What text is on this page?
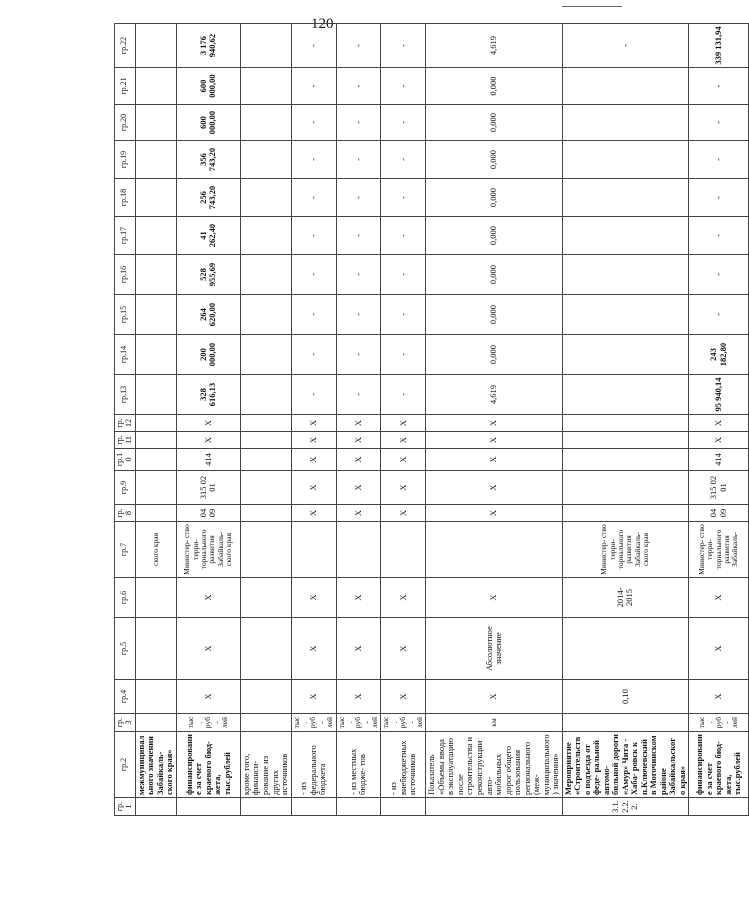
120
гр.1	гр.2	гр.3	гр.4	гр.5	гр.6	гр.7	гр.8	гр.9	гр.10	гр.11	гр.12	гр.13	гр.14	гр.15	гр.16	гр.17	гр.18	гр.19	гр.20	гр.21	гр.22
	межмуниципального значения Забайкаль- ского края»					ского края															
	финансирование за счет краевого бюд- жета, тыс.рублей	тыс. руб- лей	Х	Х	Х	Министер- ство терри- ториального развития Забайкаль- ского края	04 09	315 02 01	414	Х	Х	328 616,13	200 000,00	264 620,00	528 955,69	41 262,40	256 743,20	356 743,20	600 000,00	600 000,00	3 176 940,62
	кроме того, финанси- рование из других источников																				
	- из федерального бюджета	тыс. руб- лей	Х	Х	Х		Х	Х	Х	Х	Х	-	-	-	-	-	-	-	-	-	-
	- из местных бюдже- тов	тыс. руб- лей	Х	Х	Х		Х	Х	Х	Х	Х	-	-	-	-	-	-	-	-	-	-
	- из внебюджетных источников	тыс. руб- лей	Х	Х	Х		Х	Х	Х	Х	Х	-	-	-	-	-	-	-	-	-	-
	Показатель «Объемы ввода в эксплуатацию после строительства и реконструкции авто- мобильных дорог общего пользования регионального (меж- муниципального) значения»	км	Х	Абсолютное значение	Х		Х	Х	Х	Х	Х	4,619	0,000	0,000	0,000	0,000	0,000	0,000	0,000	0,000	4,619
3.1.2.2.2.	Мероприятие «Строительство подъезда от феде- ральной автомо- бильной дороги «Амур» Чита - Хаба- ровск к п.Ключевский в Могочинском районе Забайкальского края»		0,10		2014-2015	Министер- ство терри- ториального развития Забайкаль- ского края															-
	финансирование за счет краевого бюд- жета, тыс.рублей	тыс. руб- лей	Х	Х	Х	Министер- ство терри- ториального развития Забайкаль-	04 09	315 02 01	414	Х	Х	95 940,14	243 182,80	-	-	-	-	-	-	-	339 131,94
